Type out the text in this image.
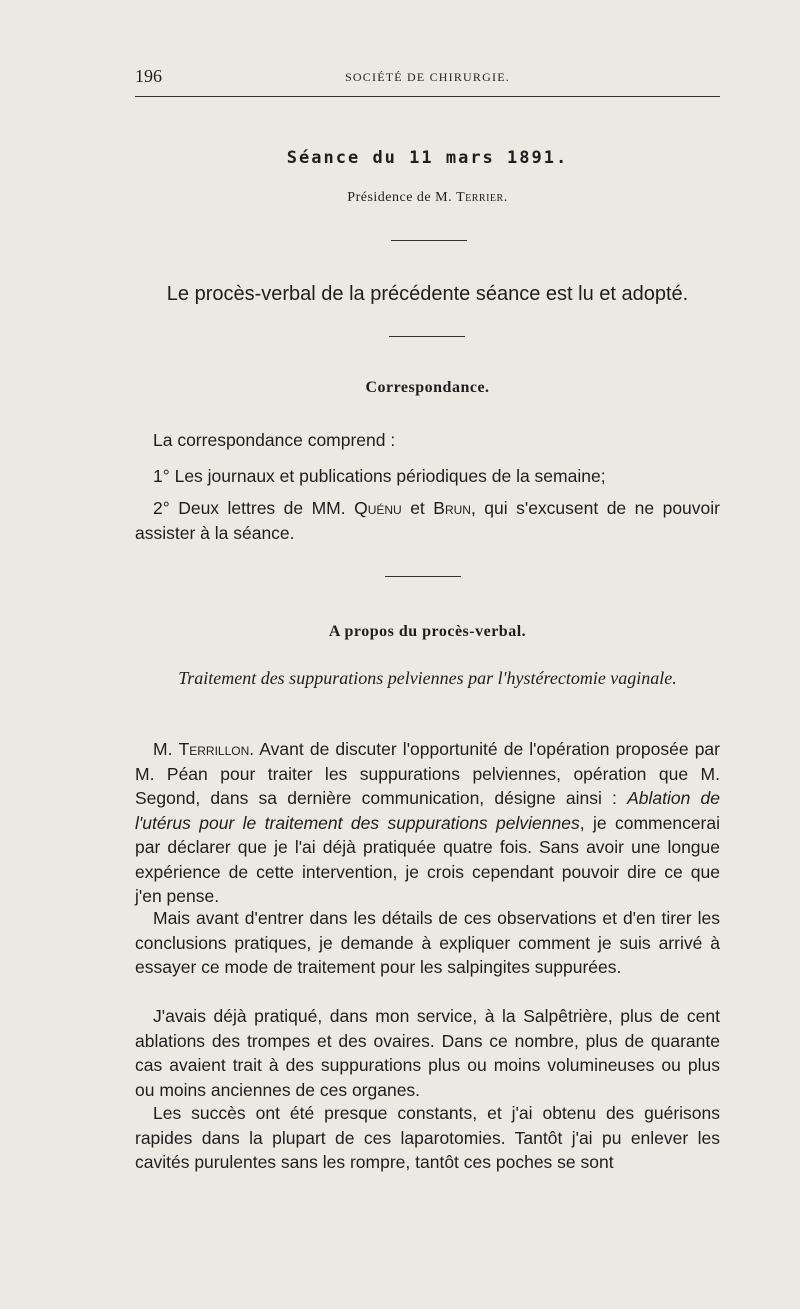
196	SOCIÉTÉ DE CHIRURGIE.
Séance du 11 mars 1891.
Présidence de M. Terrier.
Le procès-verbal de la précédente séance est lu et adopté.
Correspondance.
La correspondance comprend :
1° Les journaux et publications périodiques de la semaine;
2° Deux lettres de MM. Quénu et Brun, qui s'excusent de ne pouvoir assister à la séance.
A propos du procès-verbal.
Traitement des suppurations pelviennes par l'hystérectomie vaginale.
M. Terrillon. Avant de discuter l'opportunité de l'opération proposée par M. Péan pour traiter les suppurations pelviennes, opération que M. Segond, dans sa dernière communication, désigne ainsi : Ablation de l'utérus pour le traitement des suppurations pelviennes, je commencerai par déclarer que je l'ai déjà pratiquée quatre fois. Sans avoir une longue expérience de cette intervention, je crois cependant pouvoir dire ce que j'en pense.
Mais avant d'entrer dans les détails de ces observations et d'en tirer les conclusions pratiques, je demande à expliquer comment je suis arrivé à essayer ce mode de traitement pour les salpingites suppurées.
J'avais déjà pratiqué, dans mon service, à la Salpêtrière, plus de cent ablations des trompes et des ovaires. Dans ce nombre, plus de quarante cas avaient trait à des suppurations plus ou moins volumineuses ou plus ou moins anciennes de ces organes.
Les succès ont été presque constants, et j'ai obtenu des guérisons rapides dans la plupart de ces laparotomies. Tantôt j'ai pu enlever les cavités purulentes sans les rompre, tantôt ces poches se sont
